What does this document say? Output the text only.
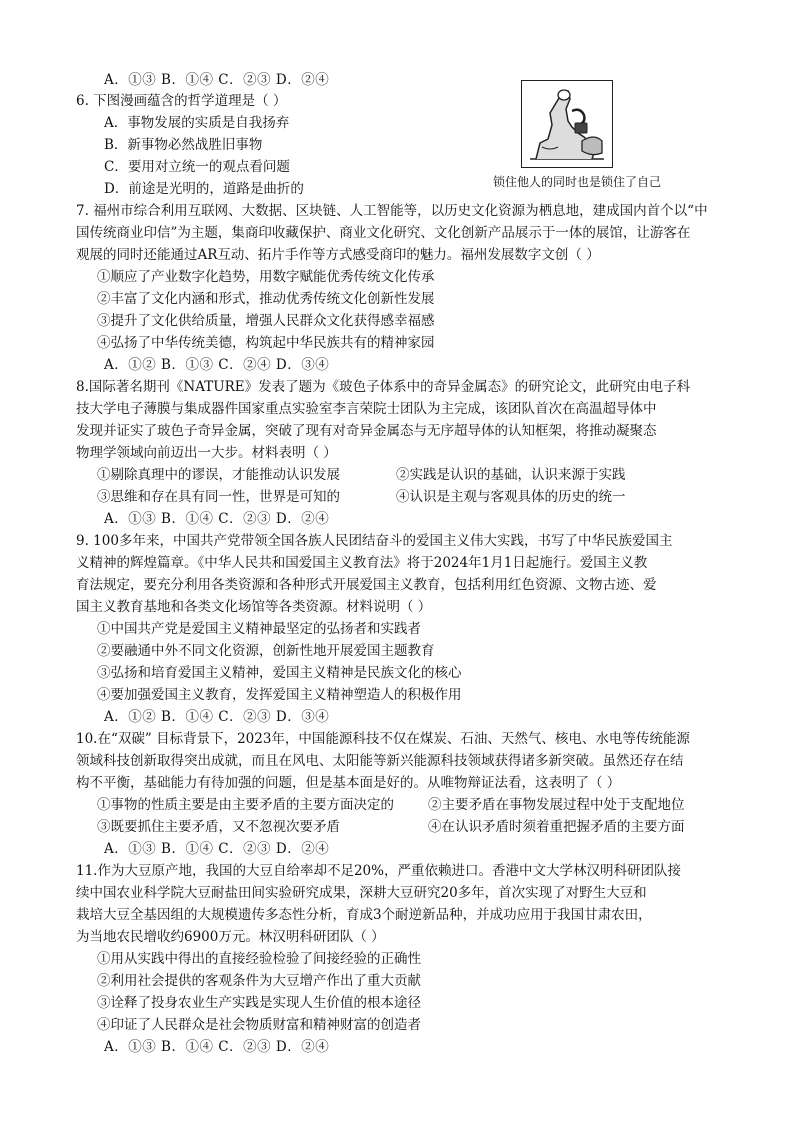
A．①③ B．①④ C．②③ D．②④
6. 下图漫画蕴含的哲学道理是（ ）
A．事物发展的实质是自我扬弃
B．新事物必然战胜旧事物
C．要用对立统一的观点看问题
D．前途是光明的，道路是曲折的	锁住他人的同时也是锁住了自己
7. 福州市综合利用互联网、大数据、区块链、人工智能等，以历史文化资源为栖息地，建成国内首个以“中
国传统商业印信”为主题，集商印收藏保护、商业文化研究、文化创新产品展示于一体的展馆，让游客在
观展的同时还能通过AR互动、拓片手作等方式感受商印的魅力。福州发展数字文创（ ）
①顺应了产业数字化趋势，用数字赋能优秀传统文化传承
②丰富了文化内涵和形式，推动优秀传统文化创新性发展
③提升了文化供给质量，增强人民群众文化获得感幸福感
④弘扬了中华传统美德，构筑起中华民族共有的精神家园
A．①② B．①③ C．②④ D．③④
8.国际著名期刊《NATURE》发表了题为《玻色子体系中的奇异金属态》的研究论文，此研究由电子科
技大学电子薄膜与集成器件国家重点实验室李言荣院士团队为主完成，该团队首次在高温超导体中
发现并证实了玻色子奇异金属，突破了现有对奇异金属态与无序超导体的认知框架，将推动凝聚态
物理学领域向前迈出一大步。材料表明（ ）
①剔除真理中的谬误，才能推动认识发展	②实践是认识的基础，认识来源于实践
③思维和存在具有同一性，世界是可知的	④认识是主观与客观具体的历史的统一
A．①③ B．①④ C．②③ D．②④
9. 100多年来，中国共产党带领全国各族人民团结奋斗的爱国主义伟大实践，书写了中华民族爱国主
义精神的辉煌篇章。《中华人民共和国爱国主义教育法》将于2024年1月1日起施行。爱国主义教
育法规定，要充分利用各类资源和各种形式开展爱国主义教育，包括利用红色资源、文物古迹、爱
国主义教育基地和各类文化场馆等各类资源。材料说明（ ）
①中国共产党是爱国主义精神最坚定的弘扬者和实践者
②要融通中外不同文化资源，创新性地开展爱国主题教育
③弘扬和培育爱国主义精神，爱国主义精神是民族文化的核心
④要加强爱国主义教育，发挥爱国主义精神塑造人的积极作用
A．①② B．①④ C．②③ D．③④
10.在“双碳” 目标背景下，2023年，中国能源科技不仅在煤炭、石油、天然气、核电、水电等传统能源
领域科技创新取得突出成就，而且在风电、太阳能等新兴能源科技领域获得诸多新突破。虽然还存在结
构不平衡，基础能力有待加强的问题，但是基本面是好的。从唯物辩证法看，这表明了（ ）
①事物的性质主要是由主要矛盾的主要方面决定的	②主要矛盾在事物发展过程中处于支配地位
③既要抓住主要矛盾，又不忽视次要矛盾	④在认识矛盾时须着重把握矛盾的主要方面
A．①③ B．①④ C．②③ D．②④
11.作为大豆原产地，我国的大豆自给率却不足20%，严重依赖进口。香港中文大学林汉明科研团队接
续中国农业科学院大豆耐盐田间实验研究成果，深耕大豆研究20多年，首次实现了对野生大豆和
栽培大豆全基因组的大规模遗传多态性分析，育成3个耐逆新品种，并成功应用于我国甘肃农田，
为当地农民增收约6900万元。林汉明科研团队（ ）
①用从实践中得出的直接经验检验了间接经验的正确性
②利用社会提供的客观条件为大豆增产作出了重大贡献
③诠释了投身农业生产实践是实现人生价值的根本途径
④印证了人民群众是社会物质财富和精神财富的创造者
A．①③ B．①④ C．②③ D．②④
